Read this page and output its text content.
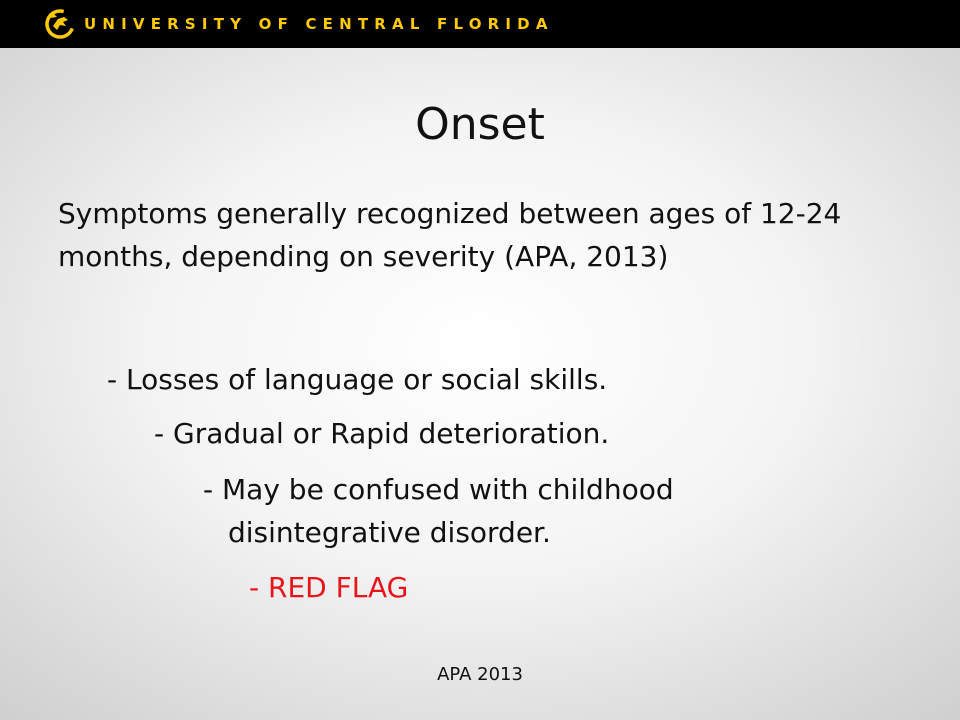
UNIVERSITY OF CENTRAL FLORIDA
Onset
Symptoms generally recognized between ages of 12-24
months, depending on severity (APA, 2013)
- Losses of language or social skills.
- Gradual or Rapid deterioration.
- May be confused with childhood
disintegrative disorder.
- RED FLAG
APA 2013
